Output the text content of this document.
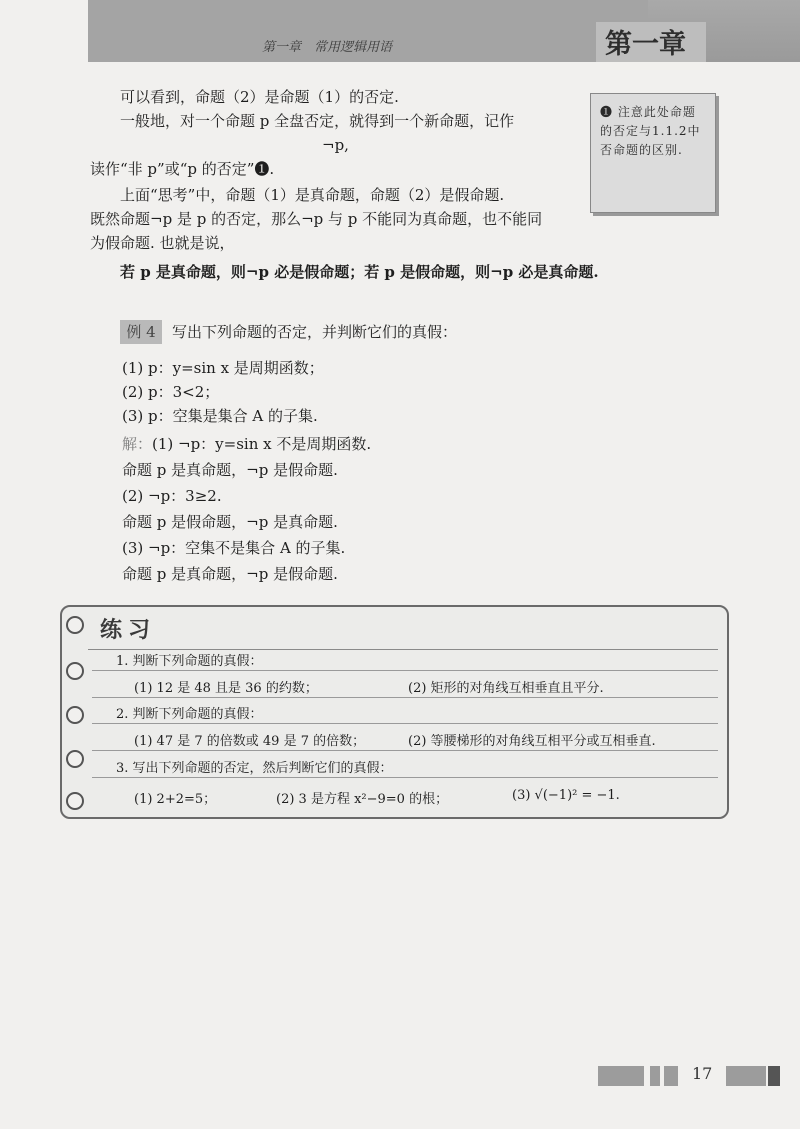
第一章　常用逻辑用语	第一章
可以看到，命题（2）是命题（1）的否定.
一般地，对一个命题 p 全盘否定，就得到一个新命题，记作
¬p,
读作“非 p”或“p 的否定”❶.
上面“思考”中，命题（1）是真命题，命题（2）是假命题.
既然命题¬p 是 p 的否定，那么¬p 与 p 不能同为真命题，也不能同
为假命题. 也就是说，
若 p 是真命题，则¬p 必是假命题；若 p 是假命题，则¬p 必是真命题.
❶ 注意此处命题的否定与1.1.2中否命题的区别.
例 4	写出下列命题的否定，并判断它们的真假：
(1) p：y=sin x 是周期函数；
(2) p：3<2；
(3) p：空集是集合 A 的子集.
解： (1) ¬p：y=sin x 不是周期函数.
命题 p 是真命题，¬p 是假命题.
(2) ¬p：3≥2.
命题 p 是假命题，¬p 是真命题.
(3) ¬p：空集不是集合 A 的子集.
命题 p 是真命题，¬p 是假命题.
练习
1. 判断下列命题的真假：
(1) 12 是 48 且是 36 的约数；	(2) 矩形的对角线互相垂直且平分.
2. 判断下列命题的真假：
(1) 47 是 7 的倍数或 49 是 7 的倍数；	(2) 等腰梯形的对角线互相平分或互相垂直.
3. 写出下列命题的否定，然后判断它们的真假：
(1) 2+2=5；	(2) 3 是方程 x²−9=0 的根；	(3) √(−1)² = −1.
17
